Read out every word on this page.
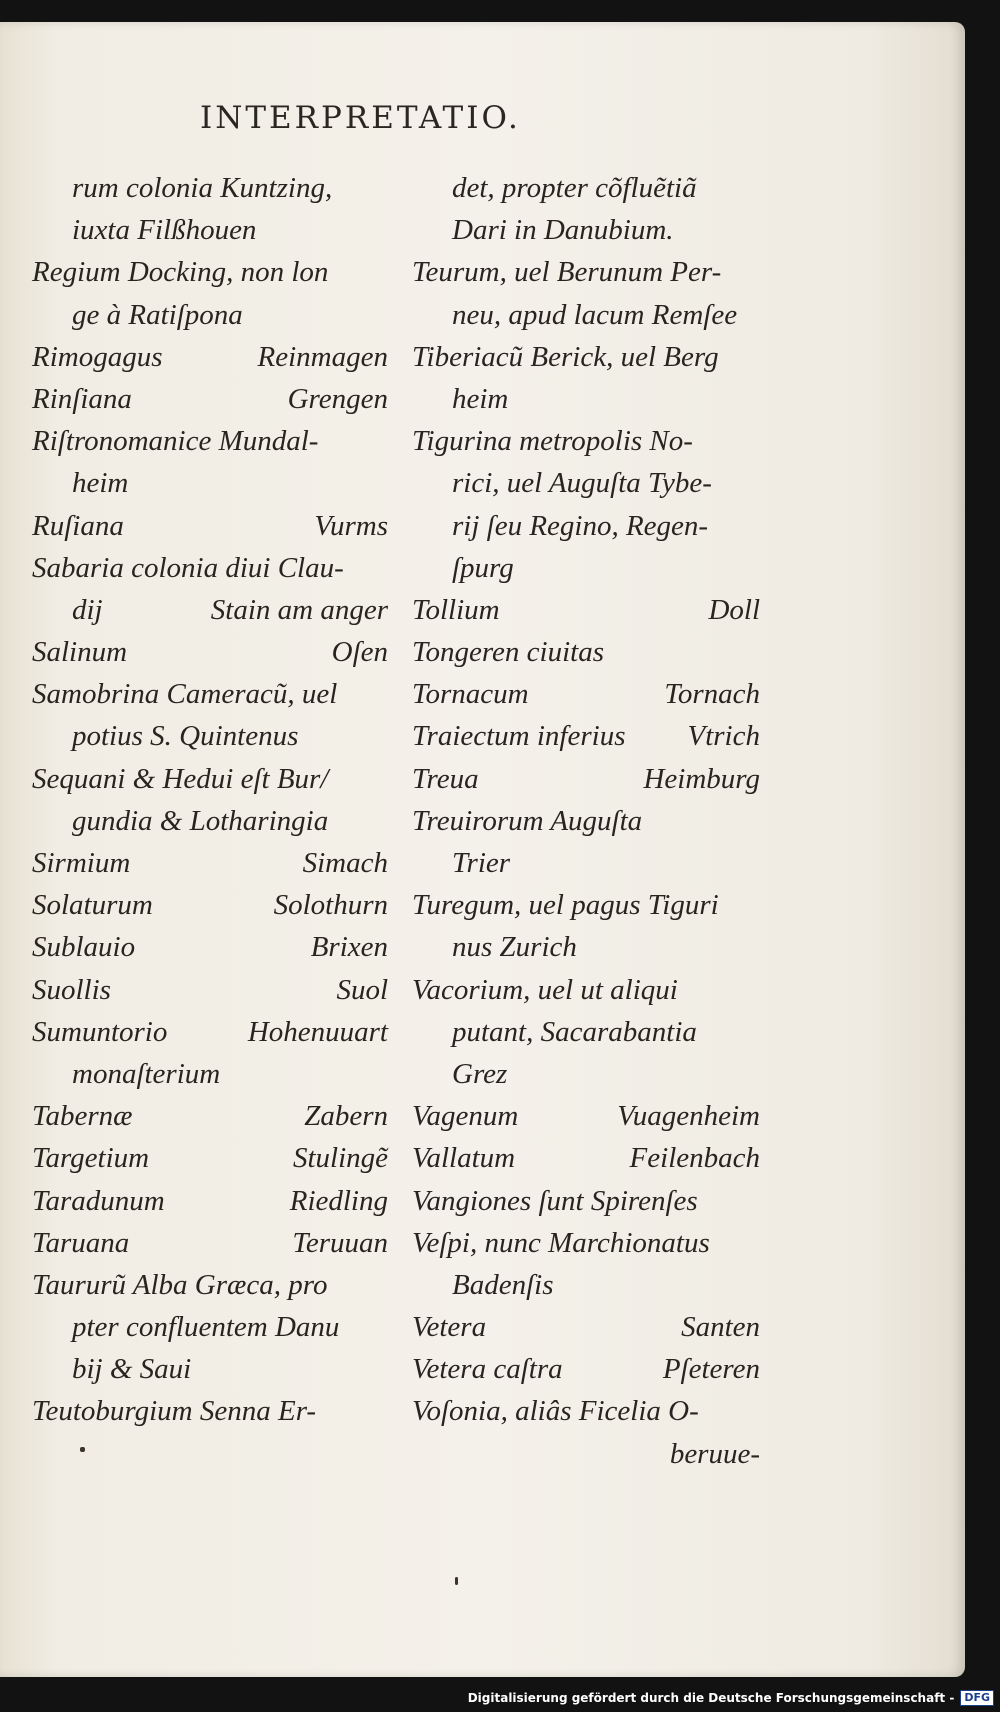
INTERPRETATIO.
rum colonia Kuntzing,
iuxta Filßhouen
Regium Docking, non lon
ge à Ratiſpona
Rimogagus	Reinmagen
Rinſiana	Grengen
Riſtronomanice Mundal-
heim
Ruſiana	Vurms
Sabaria colonia diui Clau-
dij	Stain am anger
Salinum	Oſen
Samobrina Cameracũ, uel
potius S. Quintenus
Sequani & Hedui eſt Bur/
gundia & Lotharingia
Sirmium	Simach
Solaturum	Solothurn
Sublauio	Brixen
Suollis	Suol
Sumuntorio	Hohenuuart
monaſterium
Tabernæ	Zabern
Targetium	Stulingẽ
Taradunum	Riedling
Taruana	Teruuan
Taururũ Alba Græca, pro
pter confluentem Danu
bij & Saui
Teutoburgium Senna Er-
det, propter cõfluẽtiã
Dari in Danubium.
Teurum, uel Berunum Per-
neu, apud lacum Remſee
Tiberiacũ Berick, uel Berg
heim
Tigurina metropolis No-
rici, uel Auguſta Tybe-
rij ſeu Regino, Regen-
ſpurg
Tollium	Doll
Tongeren ciuitas
Tornacum	Tornach
Traiectum inferius Vtrich
Treua	Heimburg
Treuirorum Auguſta
Trier
Turegum, uel pagus Tiguri
nus Zurich
Vacorium, uel ut aliqui
putant, Sacarabantia
Grez
Vagenum	Vuagenheim
Vallatum	Feilenbach
Vangiones ſunt Spirenſes
Veſpi, nunc Marchionatus
Badenſis
Vetera	Santen
Vetera caſtra	Pſeteren
Voſonia, aliâs Ficelia O-
beruue-
Digitalisierung gefördert durch die Deutsche Forschungsgemeinschaft - DFG
